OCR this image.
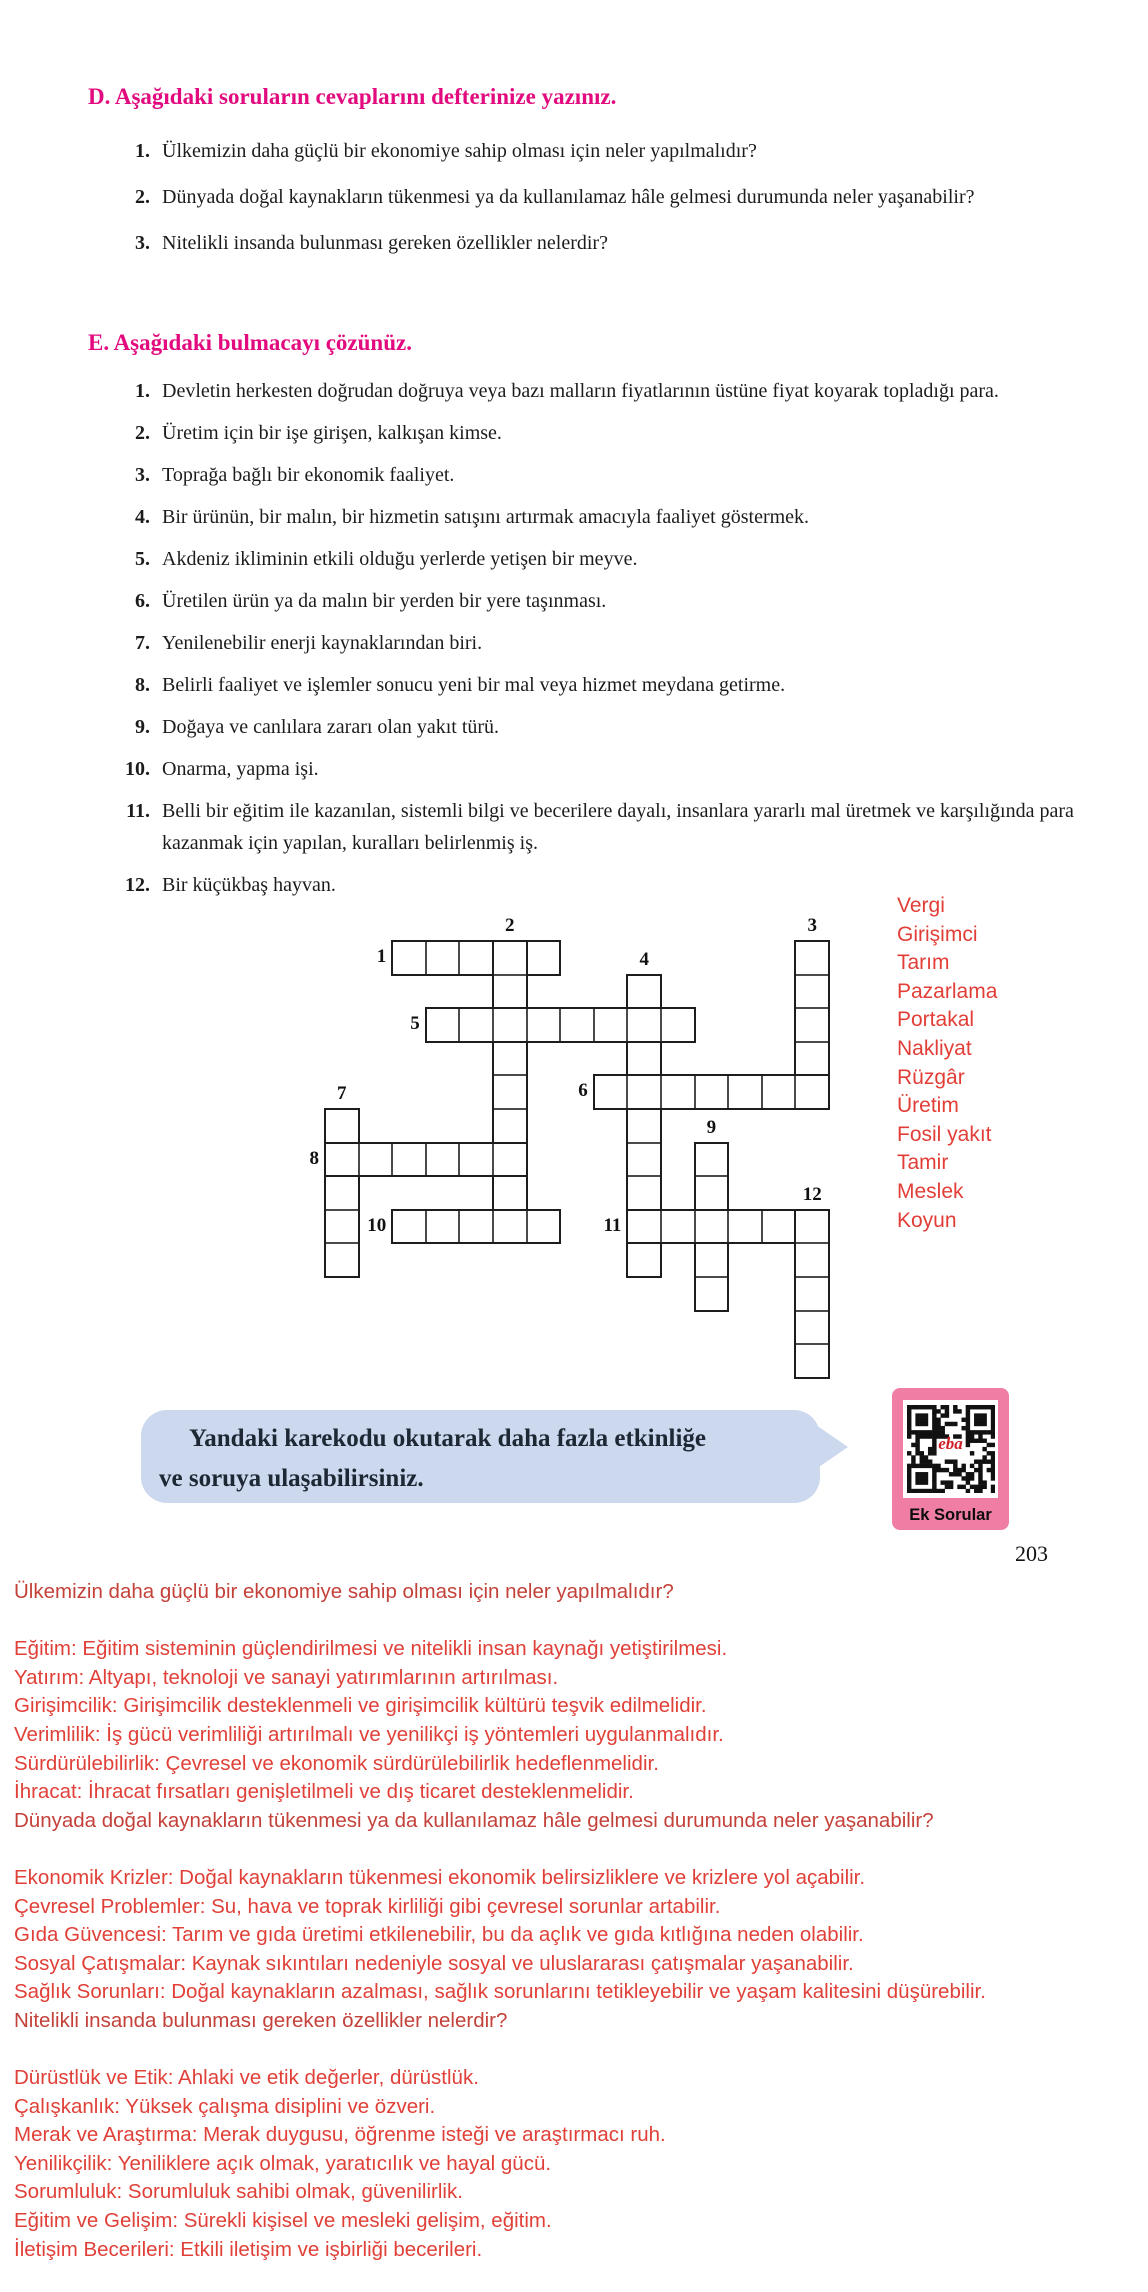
D. Aşağıdaki soruların cevaplarını defterinize yazınız.
1. Ülkemizin daha güçlü bir ekonomiye sahip olması için neler yapılmalıdır?
2. Dünyada doğal kaynakların tükenmesi ya da kullanılamaz hâle gelmesi durumunda neler yaşanabilir?
3. Nitelikli insanda bulunması gereken özellikler nelerdir?
E. Aşağıdaki bulmacayı çözünüz.
1. Devletin herkesten doğrudan doğruya veya bazı malların fiyatlarının üstüne fiyat koyarak topladığı para.
2. Üretim için bir işe girişen, kalkışan kimse.
3. Toprağa bağlı bir ekonomik faaliyet.
4. Bir ürünün, bir malın, bir hizmetin satışını artırmak amacıyla faaliyet göstermek.
5. Akdeniz ikliminin etkili olduğu yerlerde yetişen bir meyve.
6. Üretilen ürün ya da malın bir yerden bir yere taşınması.
7. Yenilenebilir enerji kaynaklarından biri.
8. Belirli faaliyet ve işlemler sonucu yeni bir mal veya hizmet meydana getirme.
9. Doğaya ve canlılara zararı olan yakıt türü.
10. Onarma, yapma işi.
11. Belli bir eğitim ile kazanılan, sistemli bilgi ve becerilere dayalı, insanlara yararlı mal üretmek ve karşılığında para kazanmak için yapılan, kuralları belirlenmiş iş.
12. Bir küçükbaş hayvan.
1
2	3
4
5
6
7
8
9
10	11
12
Vergi
Girişimci
Tarım
Pazarlama
Portakal
Nakliyat
Rüzgâr
Üretim
Fosil yakıt
Tamir
Meslek
Koyun
Yandaki karekodu okutarak daha fazla etkinliğe
ve soruya ulaşabilirsiniz.
eba
Ek Sorular
203
Ülkemizin daha güçlü bir ekonomiye sahip olması için neler yapılmalıdır?
Eğitim: Eğitim sisteminin güçlendirilmesi ve nitelikli insan kaynağı yetiştirilmesi.
Yatırım: Altyapı, teknoloji ve sanayi yatırımlarının artırılması.
Girişimcilik: Girişimcilik desteklenmeli ve girişimcilik kültürü teşvik edilmelidir.
Verimlilik: İş gücü verimliliği artırılmalı ve yenilikçi iş yöntemleri uygulanmalıdır.
Sürdürülebilirlik: Çevresel ve ekonomik sürdürülebilirlik hedeflenmelidir.
İhracat: İhracat fırsatları genişletilmeli ve dış ticaret desteklenmelidir.
Dünyada doğal kaynakların tükenmesi ya da kullanılamaz hâle gelmesi durumunda neler yaşanabilir?
Ekonomik Krizler: Doğal kaynakların tükenmesi ekonomik belirsizliklere ve krizlere yol açabilir.
Çevresel Problemler: Su, hava ve toprak kirliliği gibi çevresel sorunlar artabilir.
Gıda Güvencesi: Tarım ve gıda üretimi etkilenebilir, bu da açlık ve gıda kıtlığına neden olabilir.
Sosyal Çatışmalar: Kaynak sıkıntıları nedeniyle sosyal ve uluslararası çatışmalar yaşanabilir.
Sağlık Sorunları: Doğal kaynakların azalması, sağlık sorunlarını tetikleyebilir ve yaşam kalitesini düşürebilir.
Nitelikli insanda bulunması gereken özellikler nelerdir?
Dürüstlük ve Etik: Ahlaki ve etik değerler, dürüstlük.
Çalışkanlık: Yüksek çalışma disiplini ve özveri.
Merak ve Araştırma: Merak duygusu, öğrenme isteği ve araştırmacı ruh.
Yenilikçilik: Yeniliklere açık olmak, yaratıcılık ve hayal gücü.
Sorumluluk: Sorumluluk sahibi olmak, güvenilirlik.
Eğitim ve Gelişim: Sürekli kişisel ve mesleki gelişim, eğitim.
İletişim Becerileri: Etkili iletişim ve işbirliği becerileri.
